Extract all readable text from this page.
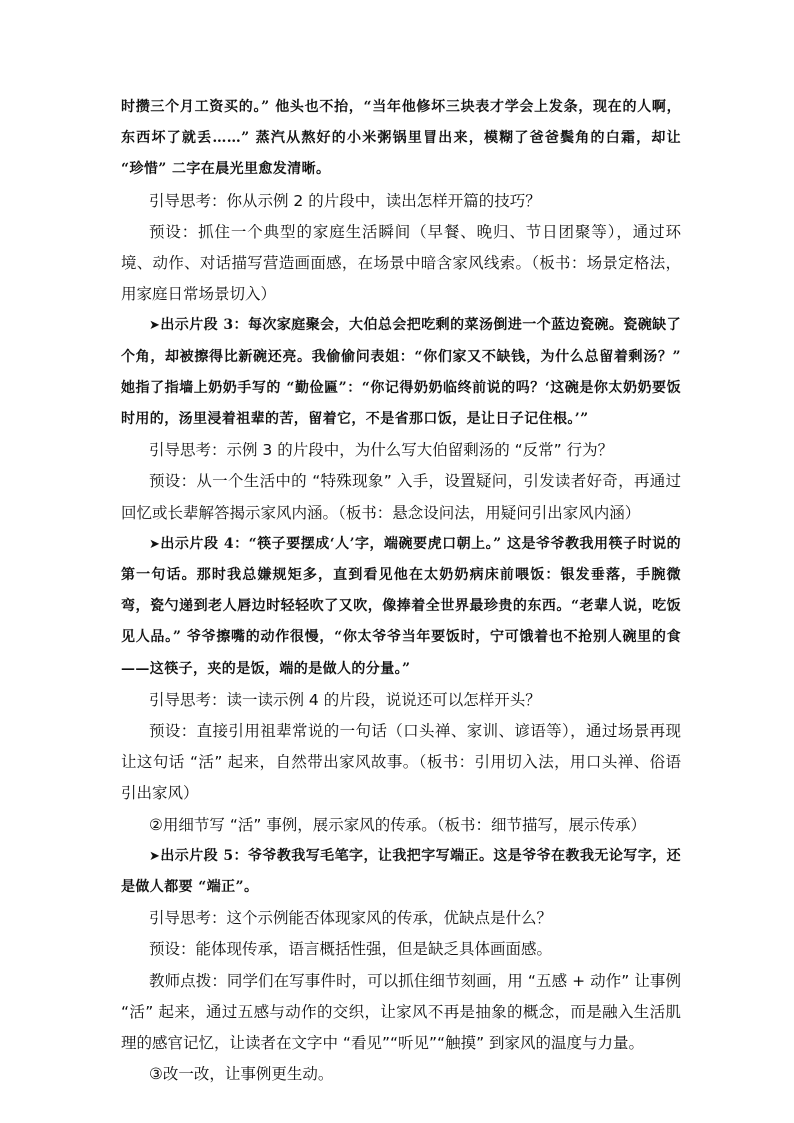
时攒三个月工资买的。” 他头也不抬，“当年他修坏三块表才学会上发条，现在的人啊，东西坏了就丢……” 蒸汽从熬好的小米粥锅里冒出来，模糊了爸爸鬓角的白霜，却让 “珍惜” 二字在晨光里愈发清晰。

引导思考：你从示例 2 的片段中，读出怎样开篇的技巧？

预设：抓住一个典型的家庭生活瞬间（早餐、晚归、节日团聚等），通过环境、动作、对话描写营造画面感，在场景中暗含家风线索。（板书：场景定格法，用家庭日常场景切入）

➤出示片段 3：每次家庭聚会，大伯总会把吃剩的菜汤倒进一个蓝边瓷碗。瓷碗缺了个角，却被擦得比新碗还亮。我偷偷问表姐：“你们家又不缺钱，为什么总留着剩汤？” 她指了指墙上奶奶手写的 “勤俭匾”：“你记得奶奶临终前说的吗？‘这碗是你太奶奶要饭时用的，汤里浸着祖辈的苦，留着它，不是省那口饭，是让日子记住根。’”

引导思考：示例 3 的片段中，为什么写大伯留剩汤的 “反常” 行为？

预设：从一个生活中的 “特殊现象” 入手，设置疑问，引发读者好奇，再通过回忆或长辈解答揭示家风内涵。（板书：悬念设问法，用疑问引出家风内涵）

➤出示片段 4：“筷子要摆成‘人’字，端碗要虎口朝上。” 这是爷爷教我用筷子时说的第一句话。那时我总嫌规矩多，直到看见他在太奶奶病床前喂饭：银发垂落，手腕微弯，瓷勺递到老人唇边时轻轻吹了又吹，像捧着全世界最珍贵的东西。“老辈人说，吃饭见人品。” 爷爷擦嘴的动作很慢，“你太爷爷当年要饭时，宁可饿着也不抢别人碗里的食——这筷子，夹的是饭，端的是做人的分量。”

引导思考：读一读示例 4 的片段，说说还可以怎样开头？

预设：直接引用祖辈常说的一句话（口头禅、家训、谚语等），通过场景再现让这句话 “活” 起来，自然带出家风故事。（板书：引用切入法，用口头禅、俗语引出家风）

②用细节写 “活” 事例，展示家风的传承。（板书：细节描写，展示传承）

➤出示片段 5：爷爷教我写毛笔字，让我把字写端正。这是爷爷在教我无论写字，还是做人都要 “端正”。

引导思考：这个示例能否体现家风的传承，优缺点是什么？

预设：能体现传承，语言概括性强，但是缺乏具体画面感。

教师点拨：同学们在写事件时，可以抓住细节刻画，用 “五感 + 动作” 让事例 “活” 起来，通过五感与动作的交织，让家风不再是抽象的概念，而是融入生活肌理的感官记忆，让读者在文字中 “看见”“听见”“触摸” 到家风的温度与力量。

③改一改，让事例更生动。
